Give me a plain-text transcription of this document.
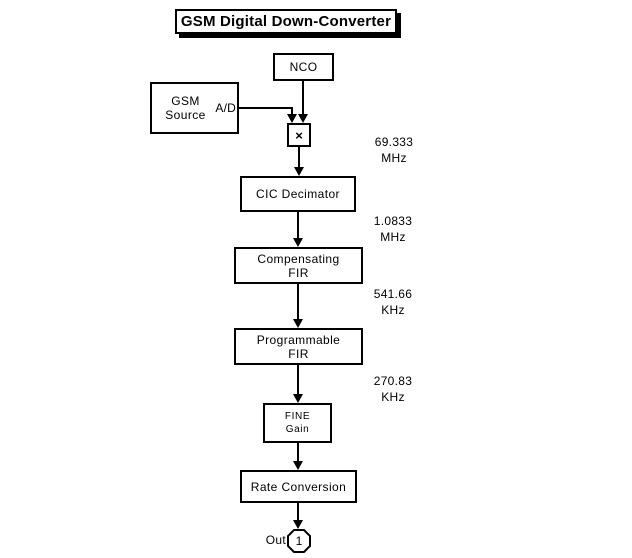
GSM Digital Down-Converter
NCO
GSM
Source A/D
×	69.333
MHz
CIC Decimator
1.0833
MHz
Compensating
FIR
541.66
KHz
Programmable
FIR
270.83
KHz
FINE
Gain
Rate Conversion
Out 1
